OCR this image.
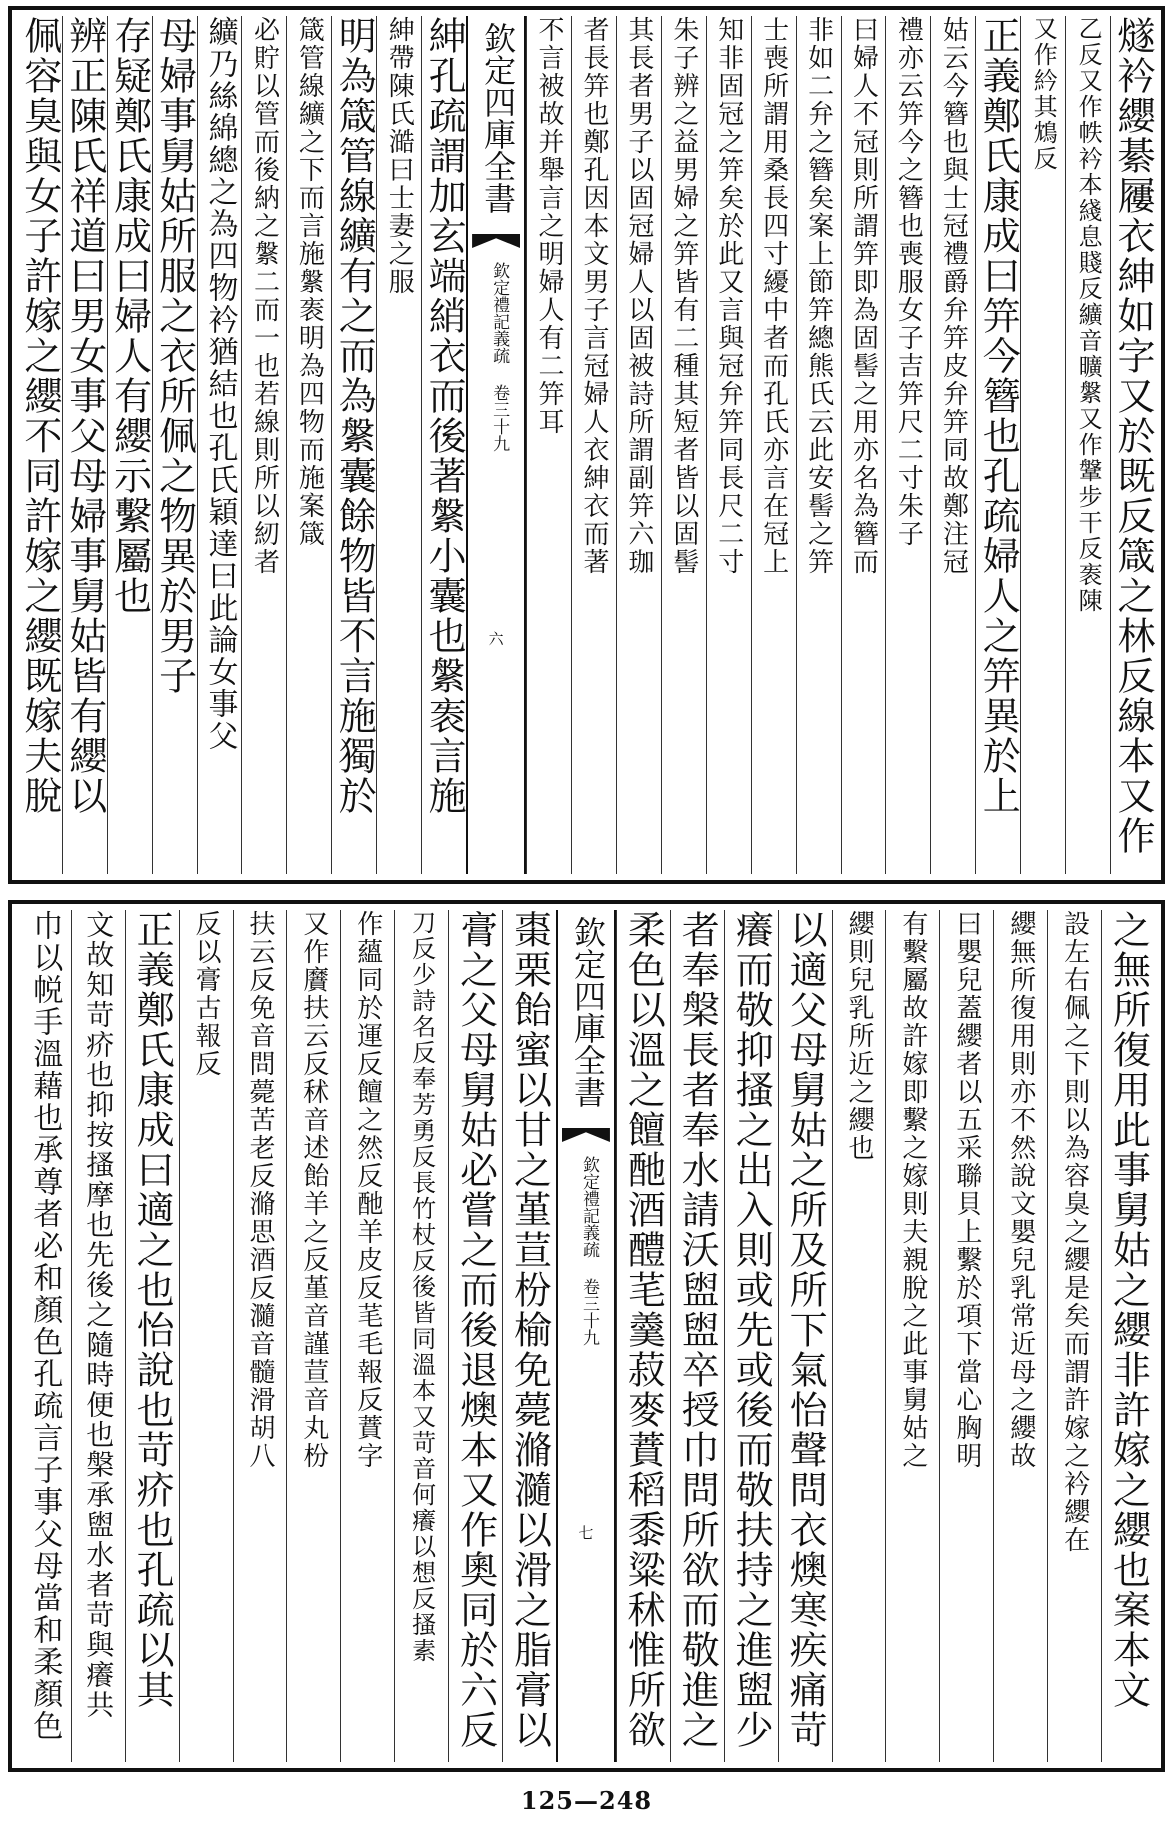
燧衿纓綦屨衣紳如字又於既反箴之林反線本又作
乙反又作帙衿本綫息賤反纊音曠縏又作鞶步干反袠陳
又作紟其鴆反
正義鄭氏康成曰笄今簪也孔疏婦人之笄異於上
姑云今簪也與士冠禮爵弁笄皮弁笄同故鄭注冠
禮亦云笄今之簪也喪服女子吉笄尺二寸朱子
曰婦人不冠則所謂笄即為固髻之用亦名為簪而
非如二弁之簪矣案上節笄總熊氏云此安髻之笄
士喪所謂用桑長四寸纋中者而孔氏亦言在冠上
知非固冠之笄矣於此又言與冠弁笄同長尺二寸
朱子辨之益男婦之笄皆有二種其短者皆以固髻
其長者男子以固冠婦人以固被詩所謂副笄六珈
者長笄也鄭孔因本文男子言冠婦人衣紳衣而著
不言被故并舉言之明婦人有二笄耳
欽定四庫全書
欽定禮記義疏 卷三十九
六
紳孔疏謂加玄端綃衣而後著縏小囊也縏袠言施
紳帶陳氏澔曰士妻之服
明為箴管線纊有之而為縏囊餘物皆不言施獨於
箴管線纊之下而言施縏袠明為四物而施案箴
必貯以管而後納之縏二而一也若線則所以紉者
纊乃絲綿總之為四物衿猶結也孔氏穎達曰此論女事父
母婦事舅姑所服之衣所佩之物異於男子
存疑鄭氏康成曰婦人有纓示繫屬也
辨正陳氏祥道曰男女事父母婦事舅姑皆有纓以
佩容臭與女子許嫁之纓不同許嫁之纓既嫁夫脫
之無所復用此事舅姑之纓非許嫁之纓也案本文
設左右佩之下則以為容臭之纓是矣而謂許嫁之衿纓在
纓無所復用則亦不然說文嬰兒乳常近母之纓故
曰嬰兒蓋纓者以五采聯貝上繫於項下當心胸明
有繫屬故許嫁即繫之嫁則夫親脫之此事舅姑之
纓則兒乳所近之纓也
以適父母舅姑之所及所下氣怡聲問衣燠寒疾痛苛
癢而敬抑搔之出入則或先或後而敬扶持之進盥少
者奉槃長者奉水請沃盥盥卒授巾問所欲而敬進之
柔色以溫之饘酏酒醴芼羹菽麥蕡稻黍粱秫惟所欲
欽定四庫全書
欽定禮記義疏 卷三十九
七
棗栗飴蜜以甘之堇荁枌榆免薨滫瀡以滑之脂膏以
膏之父母舅姑必嘗之而後退燠本又作奧同於六反
刀反少詩名反奉芳勇反長竹杖反後皆同溫本又苛音何癢以想反搔素
作蘊同於運反饘之然反酏羊皮反芼毛報反蕡字
又作黂扶云反秫音述飴羊之反堇音謹荁音丸枌
扶云反免音問薨苦老反滫思酒反瀡音髓滑胡八
反以膏古報反
正義鄭氏康成曰適之也怡說也苛疥也孔疏以其
文故知苛疥也抑按搔摩也先後之隨時便也槃承盥水者苛與癢共
巾以帨手溫藉也承尊者必和顏色孔疏言子事父母當和柔顏色
125—248
